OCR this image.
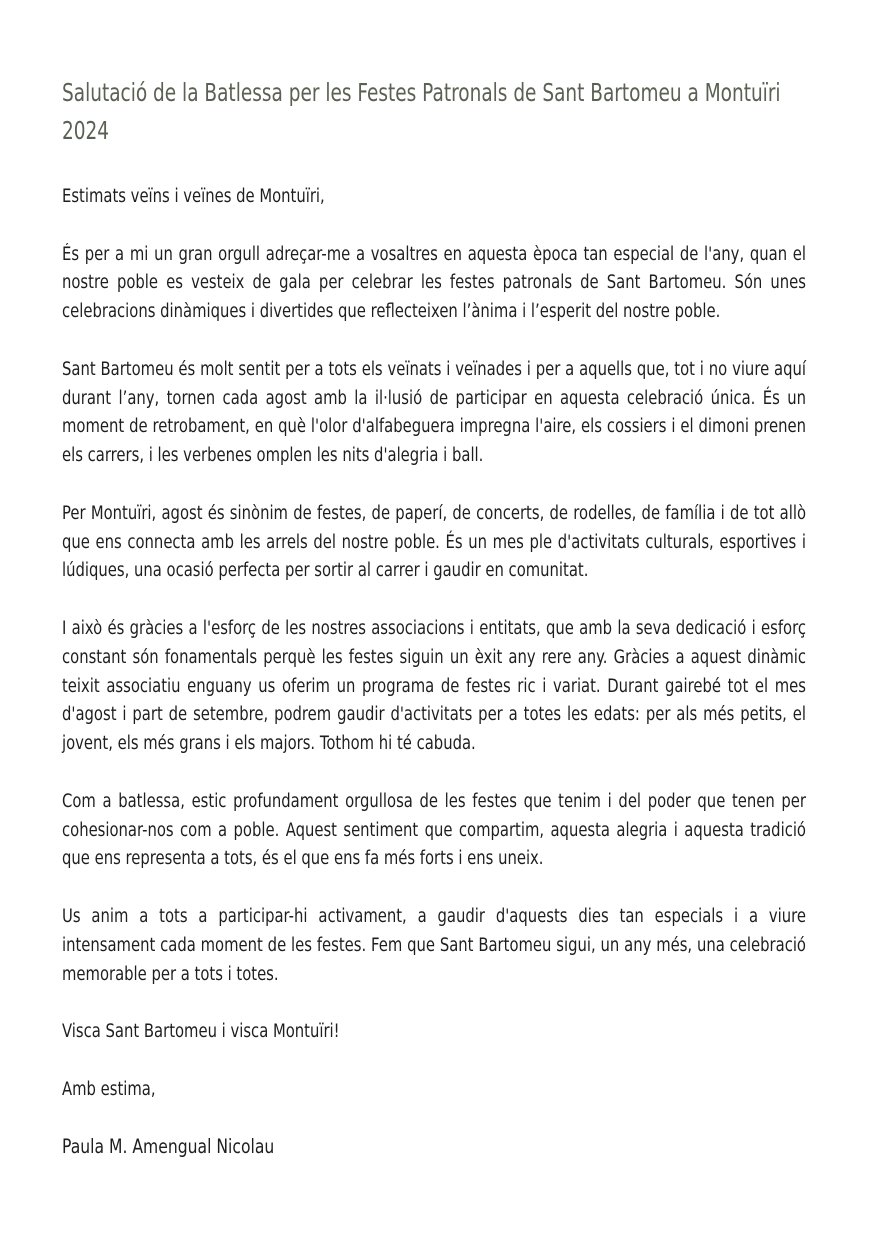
Salutació de la Batlessa per les Festes Patronals de Sant Bartomeu a Montuïri 2024

Estimats veïns i veïnes de Montuïri,

És per a mi un gran orgull adreçar-me a vosaltres en aquesta època tan especial de l'any, quan el nostre poble es vesteix de gala per celebrar les festes patronals de Sant Bartomeu. Són unes celebracions dinàmiques i divertides que reflecteixen l’ànima i l’esperit del nostre poble.

Sant Bartomeu és molt sentit per a tots els veïnats i veïnades i per a aquells que, tot i no viure aquí durant l’any, tornen cada agost amb la il·lusió de participar en aquesta celebració única. És un moment de retrobament, en què l'olor d'alfabeguera impregna l'aire, els cossiers i el dimoni prenen els carrers, i les verbenes omplen les nits d'alegria i ball.

Per Montuïri, agost és sinònim de festes, de paperí, de concerts, de rodelles, de família i de tot allò que ens connecta amb les arrels del nostre poble. És un mes ple d'activitats culturals, esportives i lúdiques, una ocasió perfecta per sortir al carrer i gaudir en comunitat.

I això és gràcies a l'esforç de les nostres associacions i entitats, que amb la seva dedicació i esforç constant són fonamentals perquè les festes siguin un èxit any rere any. Gràcies a aquest dinàmic teixit associatiu enguany us oferim un programa de festes ric i variat. Durant gairebé tot el mes d'agost i part de setembre, podrem gaudir d'activitats per a totes les edats: per als més petits, el jovent, els més grans i els majors. Tothom hi té cabuda.

Com a batlessa, estic profundament orgullosa de les festes que tenim i del poder que tenen per cohesionar-nos com a poble. Aquest sentiment que compartim, aquesta alegria i aquesta tradició que ens representa a tots, és el que ens fa més forts i ens uneix.

Us anim a tots a participar-hi activament, a gaudir d'aquests dies tan especials i a viure intensament cada moment de les festes. Fem que Sant Bartomeu sigui, un any més, una celebració memorable per a tots i totes.

Visca Sant Bartomeu i visca Montuïri!

Amb estima,

Paula M. Amengual Nicolau
